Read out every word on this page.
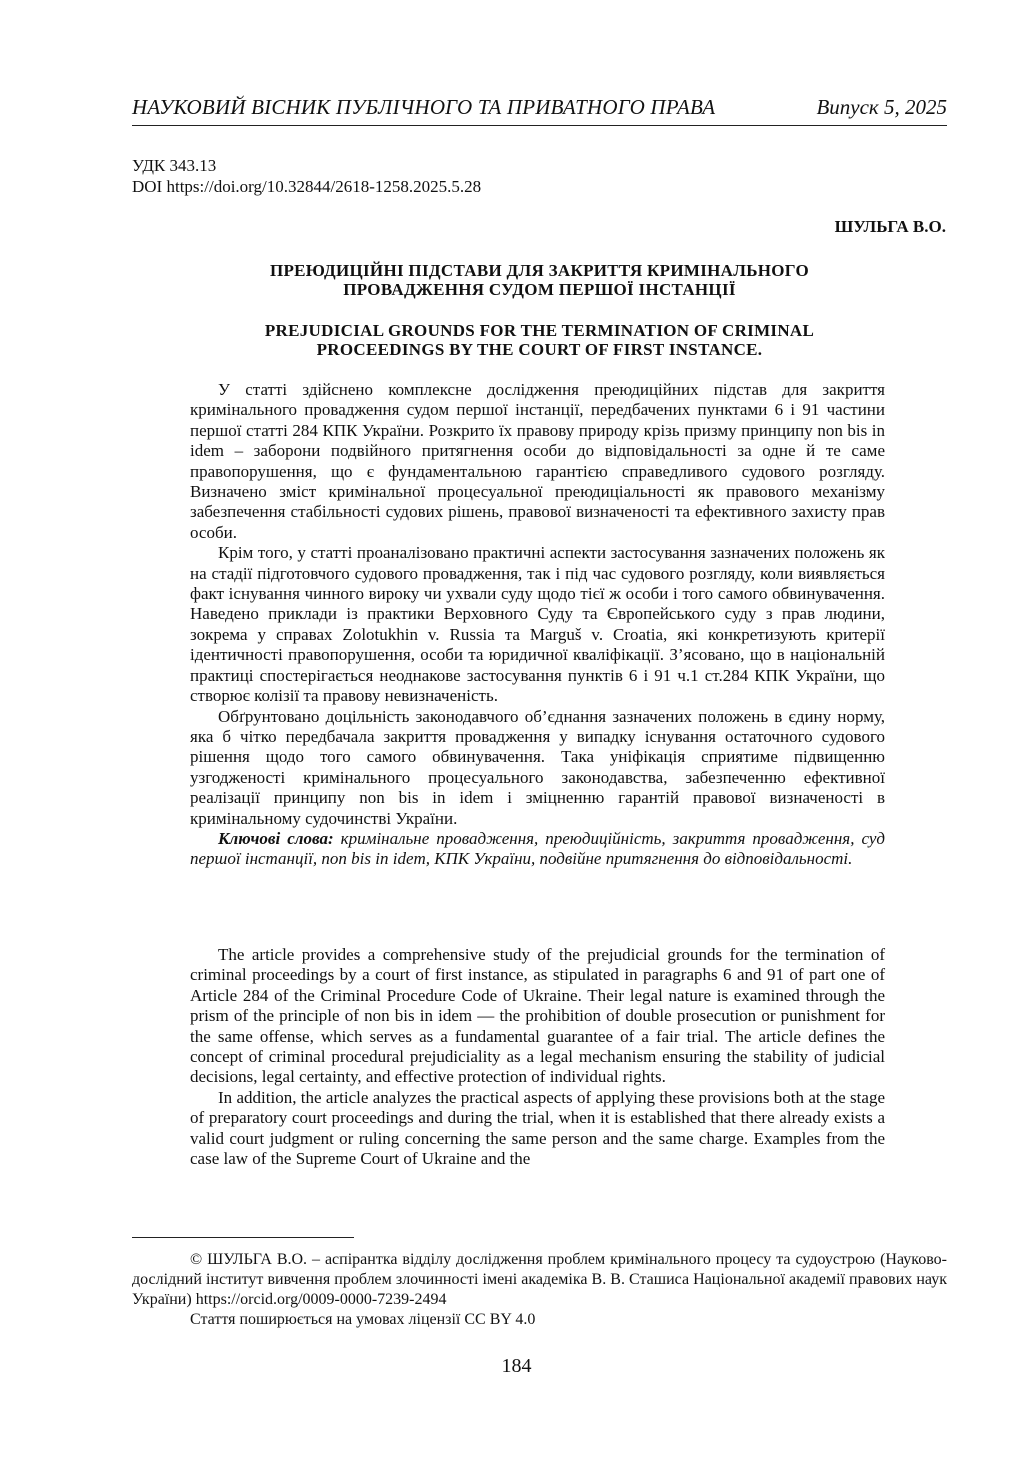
НАУКОВИЙ ВІСНИК ПУБЛІЧНОГО ТА ПРИВАТНОГО ПРАВА	Випуск 5, 2025
УДК 343.13
DOI https://doi.org/10.32844/2618-1258.2025.5.28
ШУЛЬГА В.О.
ПРЕЮДИЦІЙНІ ПІДСТАВИ ДЛЯ ЗАКРИТТЯ КРИМІНАЛЬНОГО
ПРОВАДЖЕННЯ СУДОМ ПЕРШОЇ ІНСТАНЦІЇ
PREJUDICIAL GROUNDS FOR THE TERMINATION OF CRIMINAL
PROCEEDINGS BY THE COURT OF FIRST INSTANCE.

У статті здійснено комплексне дослідження преюдиційних підстав для закриття кримінального провадження судом першої інстанції, передбачених пунктами 6 і 91 частини першої статті 284 КПК України. Розкрито їх правову природу крізь призму принципу non bis in idem – заборони подвійного притягнення особи до відповідальності за одне й те саме правопорушення, що є фундаментальною гарантією справедливого судового розгляду. Визначено зміст кримінальної процесуальної преюдиціальності як правового механізму забезпечення стабільності судових рішень, правової визначеності та ефективного захисту прав особи.

Крім того, у статті проаналізовано практичні аспекти застосування зазначених положень як на стадії підготовчого судового провадження, так і під час судового розгляду, коли виявляється факт існування чинного вироку чи ухвали суду щодо тієї ж особи і того самого обвинувачення. Наведено приклади із практики Верховного Суду та Європейського суду з прав людини, зокрема у справах Zolotukhin v. Russia та Marguš v. Croatia, які конкретизують критерії ідентичності правопорушення, особи та юридичної кваліфікації. З’ясовано, що в національній практиці спостерігається неоднакове застосування пунктів 6 і 91 ч.1 ст.284 КПК України, що створює колізії та правову невизначеність.

Обґрунтовано доцільність законодавчого об’єднання зазначених положень в єдину норму, яка б чітко передбачала закриття провадження у випадку існування остаточного судового рішення щодо того самого обвинувачення. Така уніфікація сприятиме підвищенню узгодженості кримінального процесуального законодавства, забезпеченню ефективної реалізації принципу non bis in idem і зміцненню гарантій правової визначеності в кримінальному судочинстві України.

Ключові слова: кримінальне провадження, преюдиційність, закриття провадження, суд першої інстанції, non bis in idem, КПК України, подвійне притягнення до відповідальності.

The article provides a comprehensive study of the prejudicial grounds for the termination of criminal proceedings by a court of first instance, as stipulated in paragraphs 6 and 91 of part one of Article 284 of the Criminal Procedure Code of Ukraine. Their legal nature is examined through the prism of the principle of non bis in idem — the prohibition of double prosecution or punishment for the same offense, which serves as a fundamental guarantee of a fair trial. The article defines the concept of criminal procedural prejudiciality as a legal mechanism ensuring the stability of judicial decisions, legal certainty, and effective protection of individual rights.

In addition, the article analyzes the practical aspects of applying these provisions both at the stage of preparatory court proceedings and during the trial, when it is established that there already exists a valid court judgment or ruling concerning the same person and the same charge. Examples from the case law of the Supreme Court of Ukraine and the

© ШУЛЬГА В.О. – аспірантка відділу дослідження проблем кримінального процесу та судоустрою (Науково-дослідний інститут вивчення проблем злочинності імені академіка В. В. Сташиса Національної академії правових наук України) https://orcid.org/0009-0000-7239-2494

Стаття поширюється на умовах ліцензії CC BY 4.0

184
